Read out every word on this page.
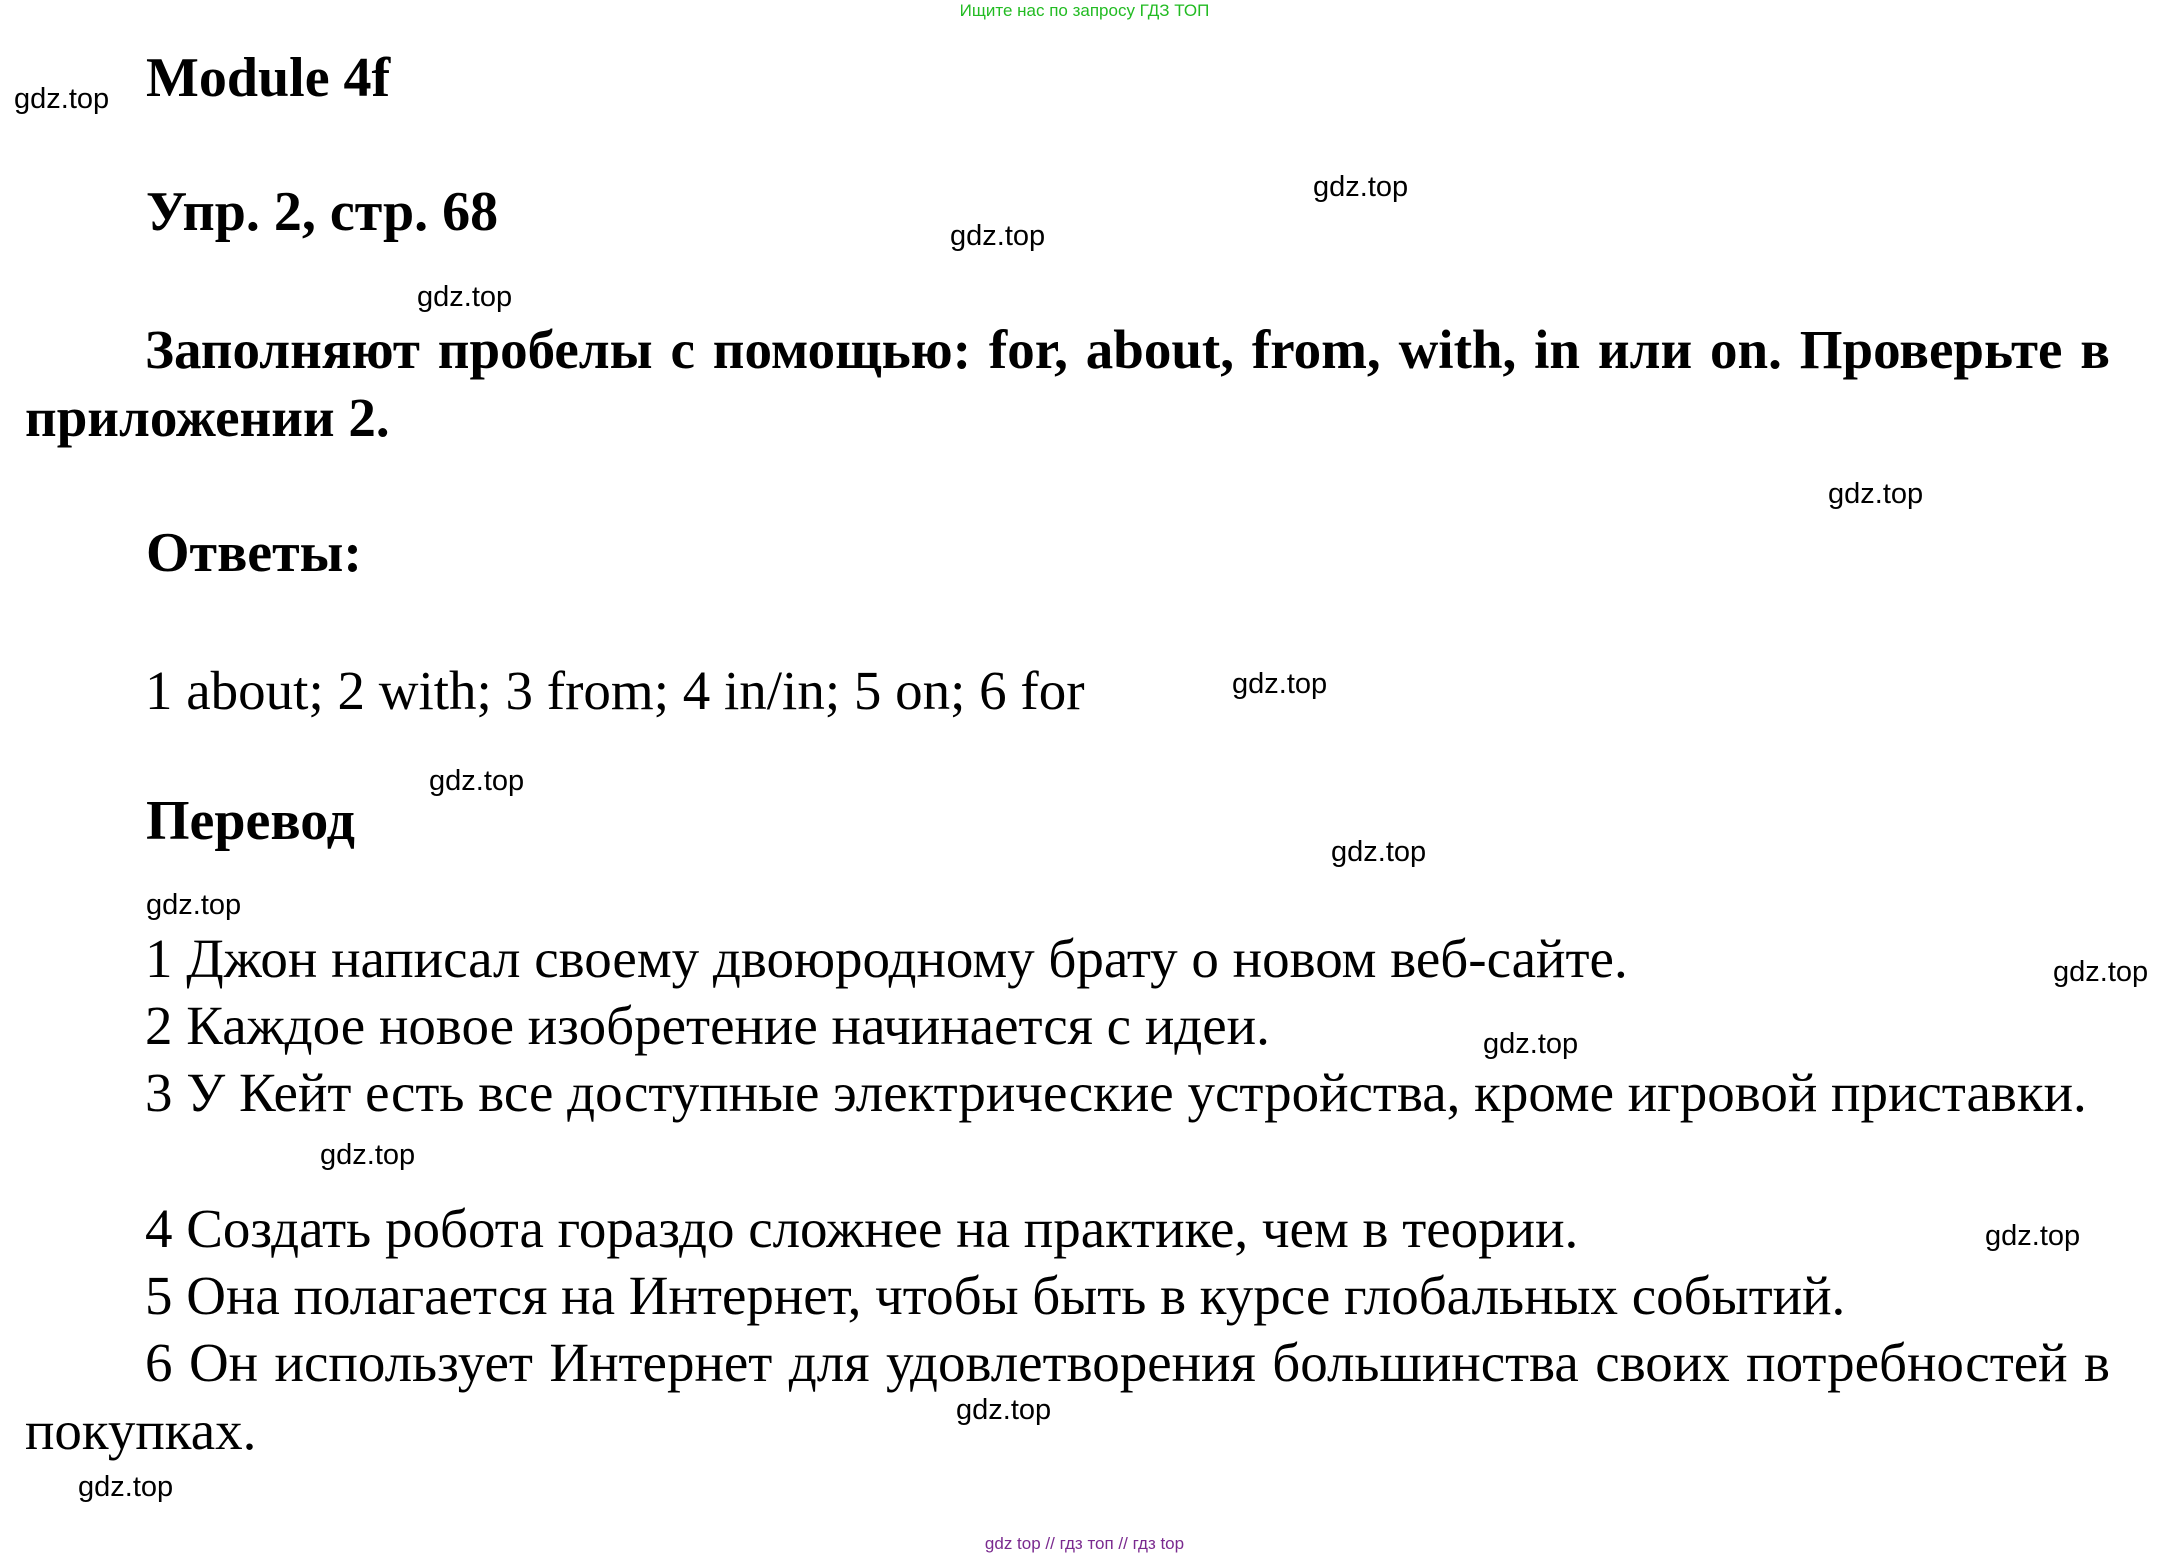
Ищите нас по запросу ГДЗ ТОП
Module 4f
Упр. 2, стр. 68

Заполняют пробелы с помощью: for, about, from, with, in или on. Проверьте в приложении 2.

Ответы:
1 about; 2 with; 3 from; 4 in/in; 5 on; 6 for
Перевод

1 Джон написал своему двоюродному брату о новом веб-сайте.

2 Каждое новое изобретение начинается с идеи.

3 У Кейт есть все доступные электрические устройства, кроме игровой приставки.

4 Создать робота гораздо сложнее на практике, чем в теории.

5 Она полагается на Интернет, чтобы быть в курсе глобальных событий.

6 Он использует Интернет для удовлетворения большинства своих потребностей в покупках.

gdz.top
gdz.top
gdz.top
gdz.top
gdz.top
gdz.top
gdz.top
gdz.top
gdz.top
gdz.top
gdz.top
gdz.top
gdz.top
gdz.top
gdz.top
gdz top // гдз топ // гдз top
